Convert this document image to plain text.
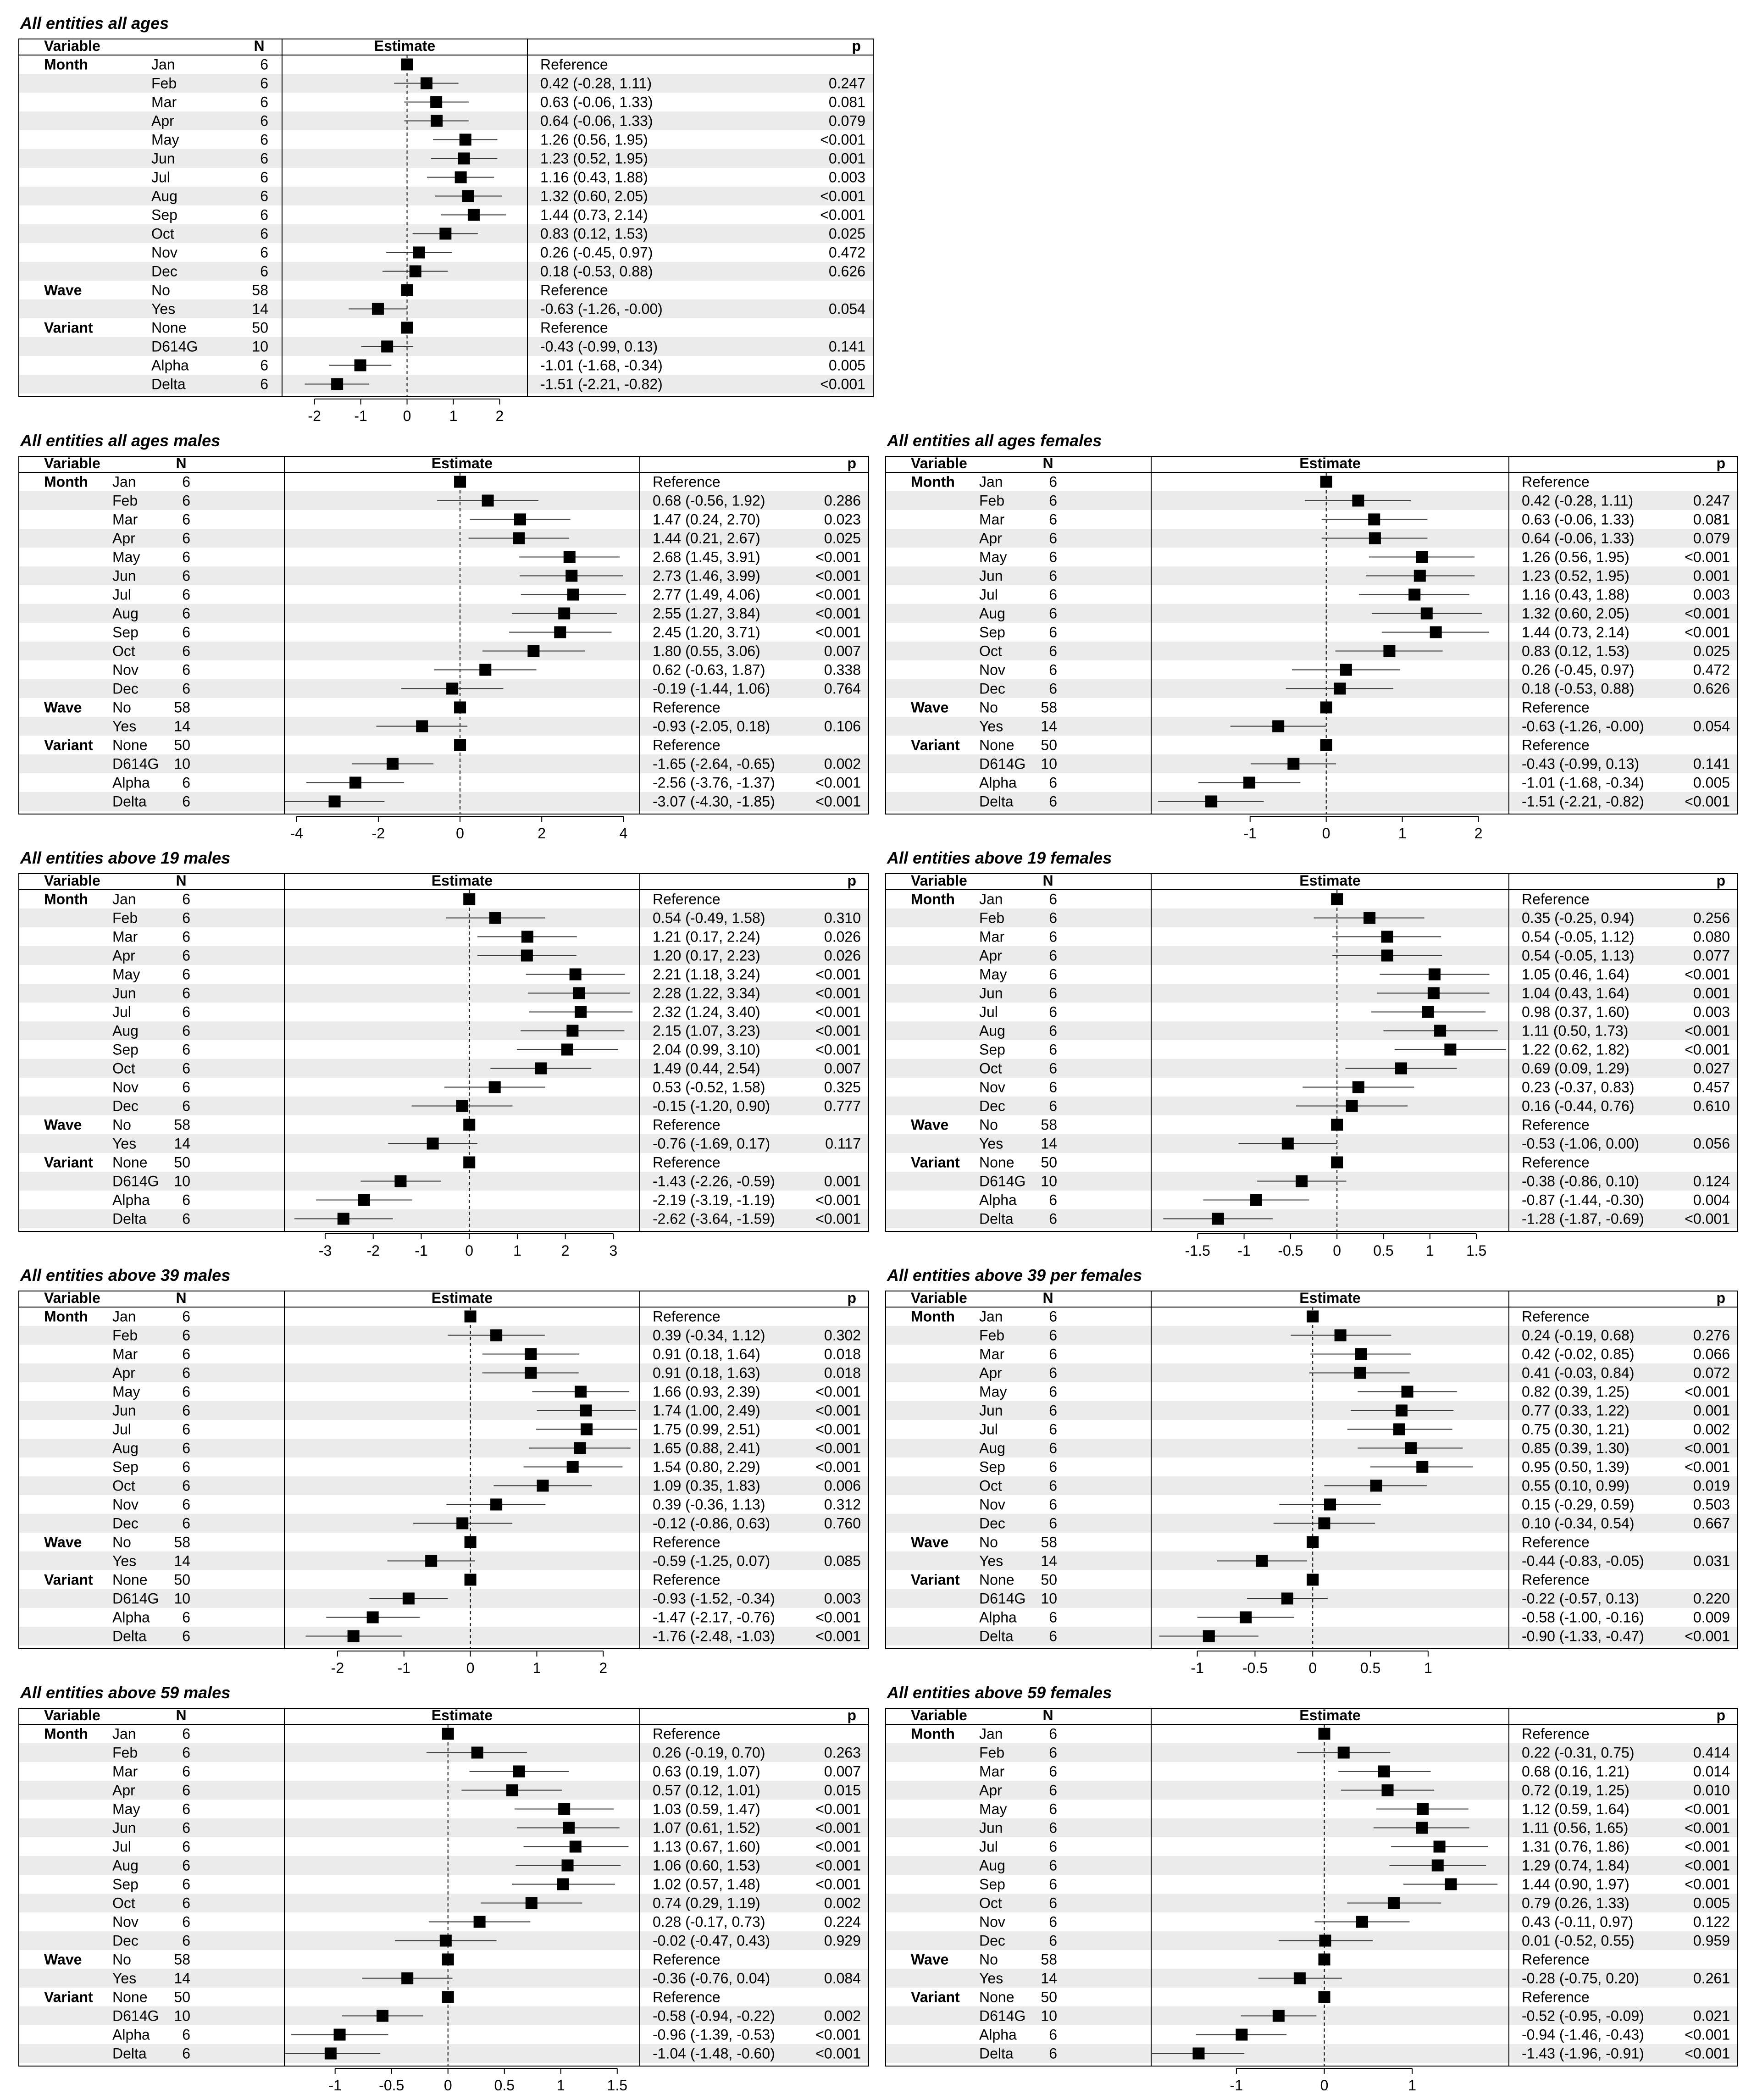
All entities all ages
Variable	N	Estimate	p
Month	Jan	6	Reference
Feb	6	0.42 (-0.28, 1.11)	0.247
Mar	6	0.63 (-0.06, 1.33)	0.081
Apr	6	0.64 (-0.06, 1.33)	0.079
May	6	1.26 (0.56, 1.95)	<0.001
Jun	6	1.23 (0.52, 1.95)	0.001
Jul	6	1.16 (0.43, 1.88)	0.003
Aug	6	1.32 (0.60, 2.05)	<0.001
Sep	6	1.44 (0.73, 2.14)	<0.001
Oct	6	0.83 (0.12, 1.53)	0.025
Nov	6	0.26 (-0.45, 0.97)	0.472
Dec	6	0.18 (-0.53, 0.88)	0.626
Wave	No	58	Reference
Yes	14	-0.63 (-1.26, -0.00)	0.054
Variant	None	50	Reference
D614G	10	-0.43 (-0.99, 0.13)	0.141
Alpha	6	-1.01 (-1.68, -0.34)	0.005
Delta	6	-1.51 (-2.21, -0.82)	<0.001
-2 -1 0	1	2
All entities all ages males
Variable	N	Estimate	p
Month Jan	6	Reference
Feb	6	0.68 (-0.56, 1.92)	0.286
Mar	6	1.47 (0.24, 2.70)	0.023
Apr	6	1.44 (0.21, 2.67)	0.025
May	6	2.68 (1.45, 3.91)	<0.001
Jun	6	2.73 (1.46, 3.99)	<0.001
Jul	6	2.77 (1.49, 4.06)	<0.001
Aug	6	2.55 (1.27, 3.84)	<0.001
Sep	6	2.45 (1.20, 3.71)	<0.001
Oct	6	1.80 (0.55, 3.06)	0.007
Nov	6	0.62 (-0.63, 1.87)	0.338
Dec	6	-0.19 (-1.44, 1.06)	0.764
Wave No	58	Reference
Yes	14	-0.93 (-2.05, 0.18)	0.106
Variant None 50	Reference
D614G 10	-1.65 (-2.64, -0.65)	0.002
Alpha 6	-2.56 (-3.76, -1.37)	<0.001
Delta 6	-3.07 (-4.30, -1.85)	<0.001
-4	-2	0	2	4
All entities all ages females
Variable	N	Estimate	p
Month Jan	6	Reference
Feb	6	0.42 (-0.28, 1.11)	0.247
Mar	6	0.63 (-0.06, 1.33)	0.081
Apr	6	0.64 (-0.06, 1.33)	0.079
May	6	1.26 (0.56, 1.95)	<0.001
Jun	6	1.23 (0.52, 1.95)	0.001
Jul	6	1.16 (0.43, 1.88)	0.003
Aug	6	1.32 (0.60, 2.05)	<0.001
Sep	6	1.44 (0.73, 2.14)	<0.001
Oct	6	0.83 (0.12, 1.53)	0.025
Nov	6	0.26 (-0.45, 0.97)	0.472
Dec	6	0.18 (-0.53, 0.88)	0.626
Wave No	58	Reference
Yes	14	-0.63 (-1.26, -0.00)	0.054
Variant None 50	Reference
D614G 10	-0.43 (-0.99, 0.13)	0.141
Alpha 6	-1.01 (-1.68, -0.34)	0.005
Delta 6	-1.51 (-2.21, -0.82)	<0.001
-1	0	1	2
All entities above 19 males
Variable	N	Estimate	p
Month Jan	6	Reference
Feb	6	0.54 (-0.49, 1.58)	0.310
Mar	6	1.21 (0.17, 2.24)	0.026
Apr	6	1.20 (0.17, 2.23)	0.026
May	6	2.21 (1.18, 3.24)	<0.001
Jun	6	2.28 (1.22, 3.34)	<0.001
Jul	6	2.32 (1.24, 3.40)	<0.001
Aug	6	2.15 (1.07, 3.23)	<0.001
Sep	6	2.04 (0.99, 3.10)	<0.001
Oct	6	1.49 (0.44, 2.54)	0.007
Nov	6	0.53 (-0.52, 1.58)	0.325
Dec	6	-0.15 (-1.20, 0.90)	0.777
Wave No	58	Reference
Yes	14	-0.76 (-1.69, 0.17)	0.117
Variant None 50	Reference
D614G 10	-1.43 (-2.26, -0.59)	0.001
Alpha 6	-2.19 (-3.19, -1.19)	<0.001
Delta 6	-2.62 (-3.64, -1.59)	<0.001
-3 -2 -1	0	1	2	3
All entities above 19 females
Variable	N	Estimate	p
Month Jan	6	Reference
Feb	6	0.35 (-0.25, 0.94)	0.256
Mar	6	0.54 (-0.05, 1.12)	0.080
Apr	6	0.54 (-0.05, 1.13)	0.077
May	6	1.05 (0.46, 1.64)	<0.001
Jun	6	1.04 (0.43, 1.64)	0.001
Jul	6	0.98 (0.37, 1.60)	0.003
Aug	6	1.11 (0.50, 1.73)	<0.001
Sep	6	1.22 (0.62, 1.82)	<0.001
Oct	6	0.69 (0.09, 1.29)	0.027
Nov	6	0.23 (-0.37, 0.83)	0.457
Dec	6	0.16 (-0.44, 0.76)	0.610
Wave No	58	Reference
Yes	14	-0.53 (-1.06, 0.00)	0.056
Variant None 50	Reference
D614G 10	-0.38 (-0.86, 0.10)	0.124
Alpha 6	-0.87 (-1.44, -0.30)	0.004
Delta 6	-1.28 (-1.87, -0.69)	<0.001
-1.5 -1 -0.5 0 0.5 1 1.5
All entities above 39 males
Variable	N	Estimate	p
Month Jan	6	Reference
Feb	6	0.39 (-0.34, 1.12)	0.302
Mar	6	0.91 (0.18, 1.64)	0.018
Apr	6	0.91 (0.18, 1.63)	0.018
May	6	1.66 (0.93, 2.39)	<0.001
Jun	6	1.74 (1.00, 2.49)	<0.001
Jul	6	1.75 (0.99, 2.51)	<0.001
Aug	6	1.65 (0.88, 2.41)	<0.001
Sep	6	1.54 (0.80, 2.29)	<0.001
Oct	6	1.09 (0.35, 1.83)	0.006
Nov	6	0.39 (-0.36, 1.13)	0.312
Dec	6	-0.12 (-0.86, 0.63)	0.760
Wave No	58	Reference
Yes	14	-0.59 (-1.25, 0.07)	0.085
Variant None 50	Reference
D614G 10	-0.93 (-1.52, -0.34)	0.003
Alpha 6	-1.47 (-2.17, -0.76)	<0.001
Delta 6	-1.76 (-2.48, -1.03)	<0.001
-2	-1	0	1	2
All entities above 39 per females
Variable	N	Estimate	p
Month Jan	6	Reference
Feb	6	0.24 (-0.19, 0.68)	0.276
Mar	6	0.42 (-0.02, 0.85)	0.066
Apr	6	0.41 (-0.03, 0.84)	0.072
May	6	0.82 (0.39, 1.25)	<0.001
Jun	6	0.77 (0.33, 1.22)	0.001
Jul	6	0.75 (0.30, 1.21)	0.002
Aug	6	0.85 (0.39, 1.30)	<0.001
Sep	6	0.95 (0.50, 1.39)	<0.001
Oct	6	0.55 (0.10, 0.99)	0.019
Nov	6	0.15 (-0.29, 0.59)	0.503
Dec	6	0.10 (-0.34, 0.54)	0.667
Wave No	58	Reference
Yes	14	-0.44 (-0.83, -0.05)	0.031
Variant None 50	Reference
D614G 10	-0.22 (-0.57, 0.13)	0.220
Alpha 6	-0.58 (-1.00, -0.16)	0.009
Delta 6	-0.90 (-1.33, -0.47)	<0.001
-1	-0.5	0	0.5	1
All entities above 59 males
Variable	N	Estimate	p
Month Jan	6	Reference
Feb	6	0.26 (-0.19, 0.70)	0.263
Mar	6	0.63 (0.19, 1.07)	0.007
Apr	6	0.57 (0.12, 1.01)	0.015
May	6	1.03 (0.59, 1.47)	<0.001
Jun	6	1.07 (0.61, 1.52)	<0.001
Jul	6	1.13 (0.67, 1.60)	<0.001
Aug	6	1.06 (0.60, 1.53)	<0.001
Sep	6	1.02 (0.57, 1.48)	<0.001
Oct	6	0.74 (0.29, 1.19)	0.002
Nov	6	0.28 (-0.17, 0.73)	0.224
Dec	6	-0.02 (-0.47, 0.43)	0.929
Wave No	58	Reference
Yes	14	-0.36 (-0.76, 0.04)	0.084
Variant None 50	Reference
D614G 10	-0.58 (-0.94, -0.22)	0.002
Alpha 6	-0.96 (-1.39, -0.53)	<0.001
Delta 6	-1.04 (-1.48, -0.60)	<0.001
-1	-0.5	0	0.5	1	1.5
All entities above 59 females
Variable	N	Estimate	p
Month Jan	6	Reference
Feb	6	0.22 (-0.31, 0.75)	0.414
Mar	6	0.68 (0.16, 1.21)	0.014
Apr	6	0.72 (0.19, 1.25)	0.010
May	6	1.12 (0.59, 1.64)	<0.001
Jun	6	1.11 (0.56, 1.65)	<0.001
Jul	6	1.31 (0.76, 1.86)	<0.001
Aug	6	1.29 (0.74, 1.84)	<0.001
Sep	6	1.44 (0.90, 1.97)	<0.001
Oct	6	0.79 (0.26, 1.33)	0.005
Nov	6	0.43 (-0.11, 0.97)	0.122
Dec	6	0.01 (-0.52, 0.55)	0.959
Wave No	58	Reference
Yes	14	-0.28 (-0.75, 0.20)	0.261
Variant None 50	Reference
D614G 10	-0.52 (-0.95, -0.09)	0.021
Alpha 6	-0.94 (-1.46, -0.43)	<0.001
Delta 6	-1.43 (-1.96, -0.91)	<0.001
-1	0	1
